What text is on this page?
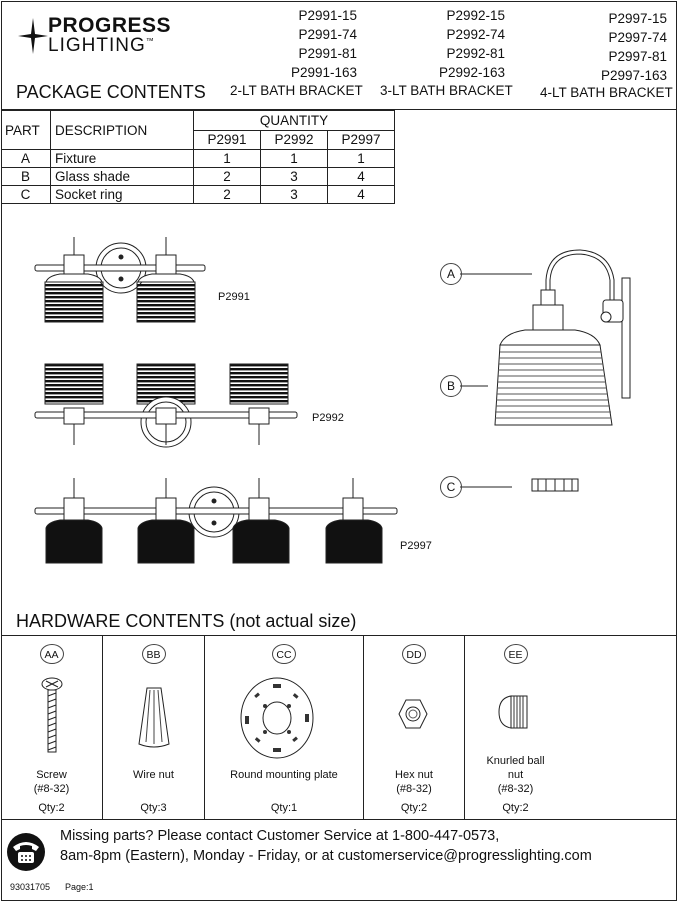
PROGRESS
LIGHTING™
P2991-15
P2991-74
P2991-81
P2991-163
P2992-15
P2992-74
P2992-81
P2992-163
P2997-15
P2997-74
P2997-81
P2997-163
PACKAGE CONTENTS 2-LT BATH BRACKET 3-LT BATH BRACKET 4-LT BATH BRACKET
PART	DESCRIPTION	QUANTITY		
		P2991	P2992	P2997
A	Fixture	1	1	1
B	Glass shade	2	3	4
C	Socket ring	2	3	4
P2991
P2992
P2997
A
B
C
HARDWARE CONTENTS (not actual size)
AA
Screw
(#8-32)
Qty:2
BB
Wire nut
Qty:3
CC
Round mounting plate
Qty:1
DD
Hex nut
(#8-32)
Qty:2
EE
Knurled ball
nut
(#8-32)
Qty:2
Missing parts? Please contact Customer Service at 1-800-447-0573,
8am-8pm (Eastern), Monday - Friday, or at customerservice@progresslighting.com
93031705 Page:1
